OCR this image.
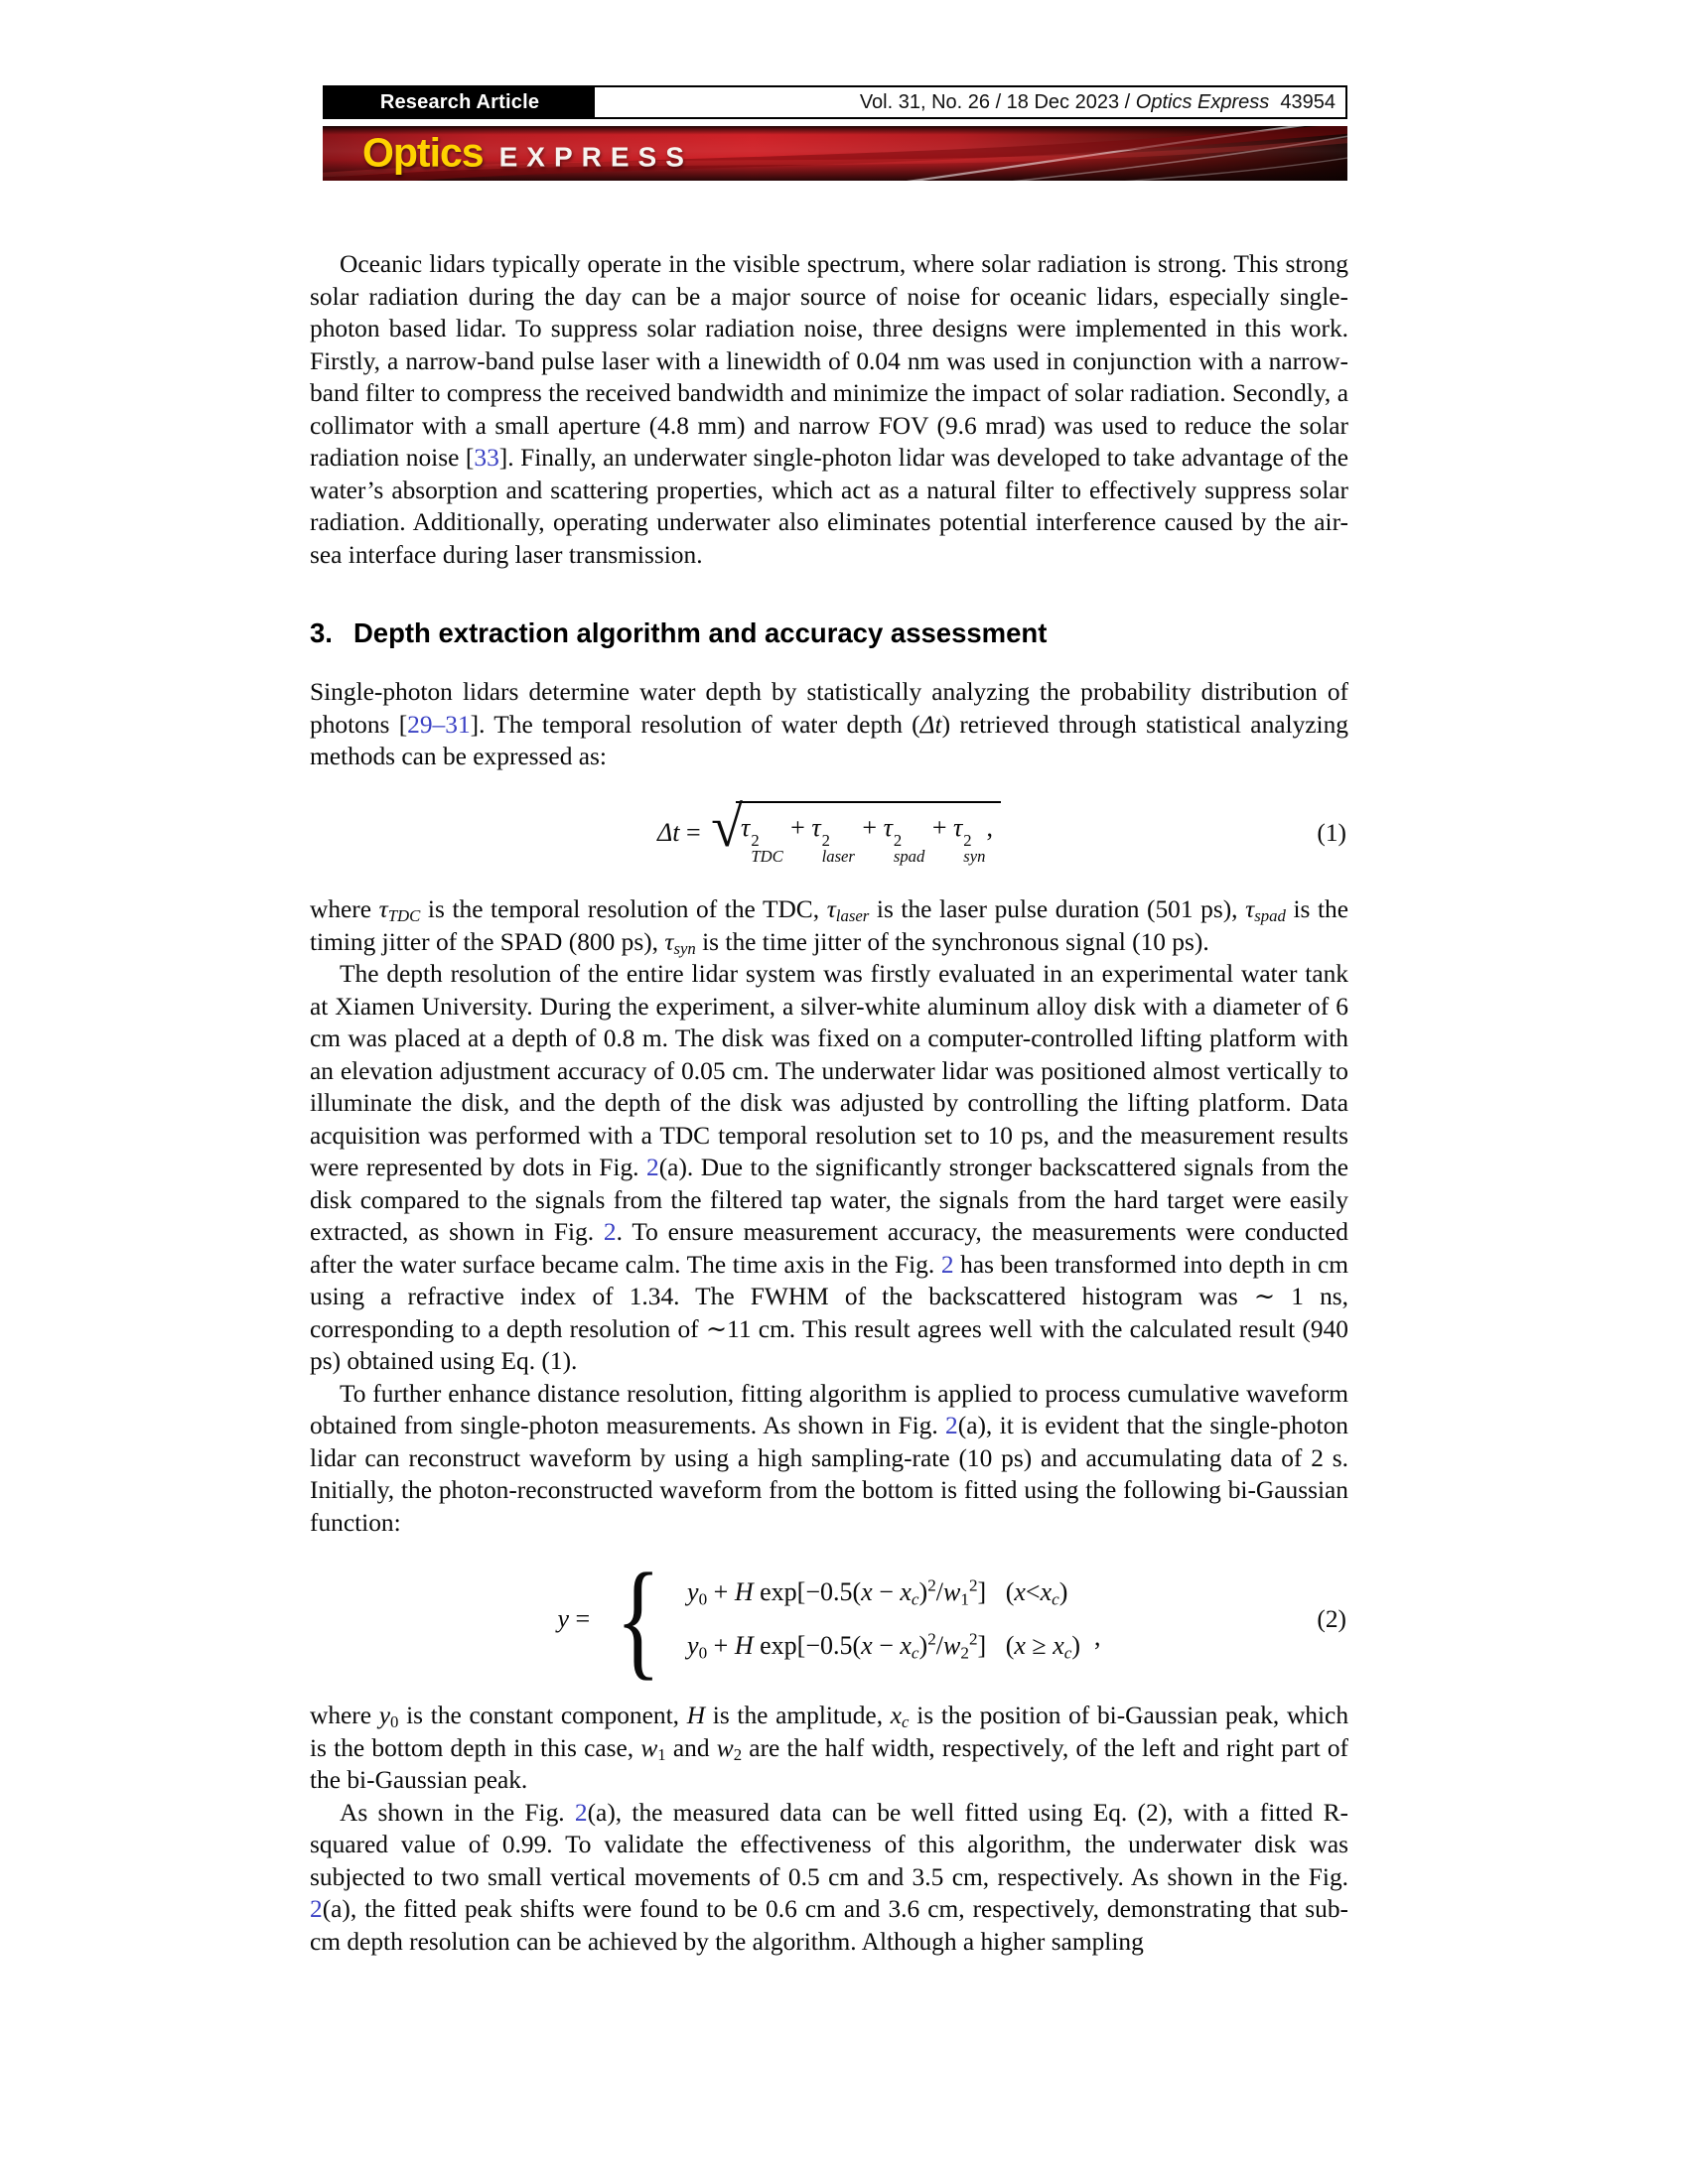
Research Article	Vol. 31, No. 26 / 18 Dec 2023 / Optics Express 43954
Optics EXPRESS

Oceanic lidars typically operate in the visible spectrum, where solar radiation is strong. This strong solar radiation during the day can be a major source of noise for oceanic lidars, especially single-photon based lidar. To suppress solar radiation noise, three designs were implemented in this work. Firstly, a narrow-band pulse laser with a linewidth of 0.04 nm was used in conjunction with a narrow-band filter to compress the received bandwidth and minimize the impact of solar radiation. Secondly, a collimator with a small aperture (4.8 mm) and narrow FOV (9.6 mrad) was used to reduce the solar radiation noise [33]. Finally, an underwater single-photon lidar was developed to take advantage of the water’s absorption and scattering properties, which act as a natural filter to effectively suppress solar radiation. Additionally, operating underwater also eliminates potential interference caused by the air-sea interface during laser transmission.

3. Depth extraction algorithm and accuracy assessment

Single-photon lidars determine water depth by statistically analyzing the probability distribution of photons [29–31]. The temporal resolution of water depth (Δt) retrieved through statistical analyzing methods can be expressed as:

Δt = √
τ 2
TDC
+ τ 2
laser
+ τ 2
spad
+ τ 2
syn
,	(1)

where $\tau_{TDC}$ is the temporal resolution of the TDC, $\tau_{laser}$ is the laser pulse duration (501 ps), $\tau_{spad}$ is the timing jitter of the SPAD (800 ps), $\tau_{syn}$ is the time jitter of the synchronous signal (10 ps).

The depth resolution of the entire lidar system was firstly evaluated in an experimental water tank at Xiamen University. During the experiment, a silver-white aluminum alloy disk with a diameter of 6 cm was placed at a depth of 0.8 m. The disk was fixed on a computer-controlled lifting platform with an elevation adjustment accuracy of 0.05 cm. The underwater lidar was positioned almost vertically to illuminate the disk, and the depth of the disk was adjusted by controlling the lifting platform. Data acquisition was performed with a TDC temporal resolution set to 10 ps, and the measurement results were represented by dots in Fig. 2(a). Due to the significantly stronger backscattered signals from the disk compared to the signals from the filtered tap water, the signals from the hard target were easily extracted, as shown in Fig. 2. To ensure measurement accuracy, the measurements were conducted after the water surface became calm. The time axis in the Fig. 2 has been transformed into depth in cm using a refractive index of 1.34. The FWHM of the backscattered histogram was ∼ 1 ns, corresponding to a depth resolution of ∼11 cm. This result agrees well with the calculated result (940 ps) obtained using Eq. (1).

To further enhance distance resolution, fitting algorithm is applied to process cumulative waveform obtained from single-photon measurements. As shown in Fig. 2(a), it is evident that the single-photon lidar can reconstruct waveform by using a high sampling-rate (10 ps) and accumulating data of 2 s. Initially, the photon-reconstructed waveform from the bottom is fitted using the following bi-Gaussian function:

y = { $y_0 + H$ $\exp[-0.5(x - x_c)^2/w_1^2]$   $(x<x_c)$
$y_0 + H$ $\exp[-0.5(x - x_c)^2/w_2^2]$   $(x \ge x_c)$ ,
(2)

where $y_0$ is the constant component, H is the amplitude, $x_c$ is the position of bi-Gaussian peak, which is the bottom depth in this case, $w_1$ and $w_2$ are the half width, respectively, of the left and right part of the bi-Gaussian peak.

As shown in the Fig. 2(a), the measured data can be well fitted using Eq. (2), with a fitted R-squared value of 0.99. To validate the effectiveness of this algorithm, the underwater disk was subjected to two small vertical movements of 0.5 cm and 3.5 cm, respectively. As shown in the Fig. 2(a), the fitted peak shifts were found to be 0.6 cm and 3.6 cm, respectively, demonstrating that sub-cm depth resolution can be achieved by the algorithm. Although a higher sampling
